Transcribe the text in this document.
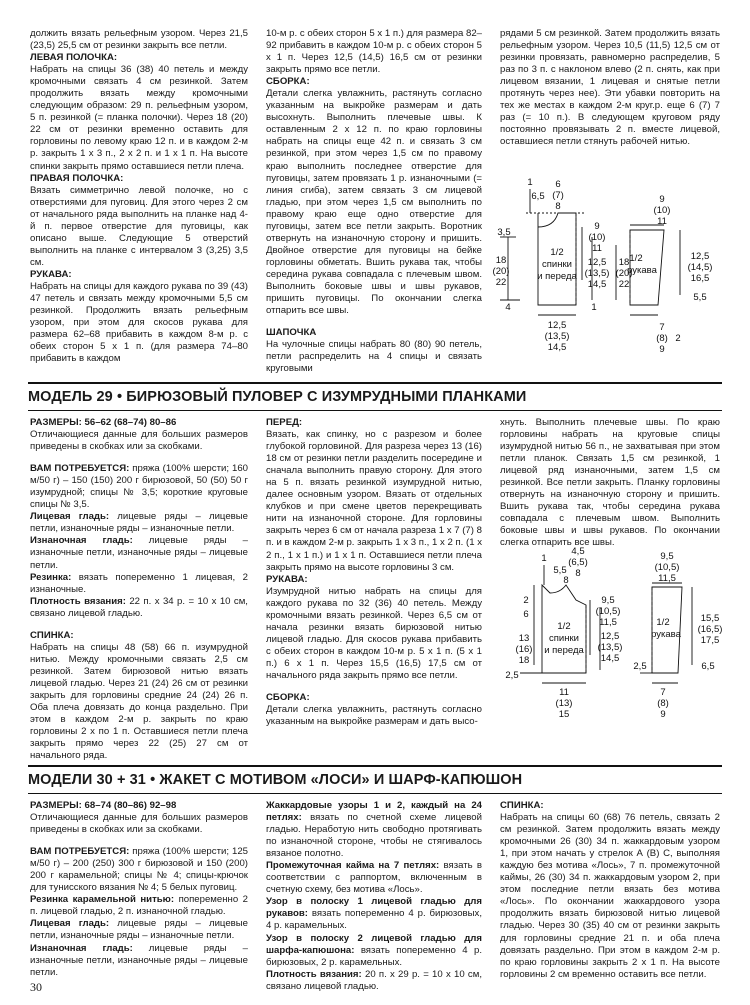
должить вязать рельефным узором. Через 21,5 (23,5) 25,5 см от резинки закрыть все петли.

ЛЕВАЯ ПОЛОЧКА:

Набрать на спицы 36 (38) 40 петель и между кромочными связать 4 см резинкой. Затем продолжить вязать между кромочными следующим образом: 29 п. рельефным узором, 5 п. резинкой (= планка полочки). Через 18 (20) 22 см от резинки временно оставить для горловины по левому краю 12 п. и в каждом 2-м р. закрыть 1 х 3 п., 2 х 2 п. и 1 х 1 п. На высоте спинки закрыть прямо оставшиеся петли плеча.

ПРАВАЯ ПОЛОЧКА:

Вязать симметрично левой полочке, но с отверстиями для пуговиц. Для этого через 2 см от начального ряда выполнить на планке над 4-й п. первое отверстие для пуговицы, как описано выше. Следующие 5 отверстий выполнить на планке с интервалом 3 (3,25) 3,5 см.

РУКАВА:

Набрать на спицы для каждого рукава по 39 (43) 47 петель и связать между кромочными 5,5 см резинкой. Продолжить вязать рельефным узором, при этом для скосов рукава для размера 62–68 прибавить в каждом 8-м р. с обеих сторон 5 х 1 п. (для размера 74–80 прибавить в каждом

10-м р. с обеих сторон 5 х 1 п.) для размера 82–92 прибавить в каждом 10-м р. с обеих сторон 5 х 1 п. Через 12,5 (14,5) 16,5 см от резинки закрыть прямо все петли.

СБОРКА:

Детали слегка увлажнить, растянуть согласно указанным на выкройке размерам и дать высохнуть. Выполнить плечевые швы. К оставленным 2 х 12 п. по краю горловины набрать на спицы еще 42 п. и связать 3 см резинкой, при этом через 1,5 см по правому краю выполнить последнее отверстие для пуговицы, затем провязать 1 р. изнаночными (= линия сгиба), затем связать 3 см лицевой гладью, при этом через 1,5 см выполнить по правому краю еще одно отверстие для пуговицы, затем все петли закрыть. Воротник отвернуть на изнаночную сторону и пришить. Двойное отверстие для пуговицы на бейке горловины обметать. Вшить рукава так, чтобы середина рукава совпадала с плечевым швом. Выполнить боковые швы и швы рукавов, пришить пуговицы. По окончании слегка отпарить все швы.

ШАПОЧКА

На чулочные спицы набрать 80 (80) 90 петель, петли распределить на 4 спицы и связать круговыми

рядами 5 см резинкой. Затем продолжить вязать рельефным узором. Через 10,5 (11,5) 12,5 см от резинки провязать, равномерно распределив, 5 раз по 3 п. с наклоном влево (2 п. снять, как при лицевом вязании, 1 лицевая и снятые петли протянуть через нее). Эти убавки повторить на тех же местах в каждом 2-м круг.р. еще 6 (7) 7 раз (= 10 п.). В следующем круговом ряду постоянно провязывать 2 п. вместе лицевой, оставшиеся петли стянуть рабочей нитью.

1
6,5
6
(7)
8
3,5
18
(20)
22
1/2
спинки
и переда
9
(10)
11
12,5
(13,5)
14,5
4	1
12,5
(13,5)
14,5
9
(10)
11
1/2
рукава
18
(20)
22
12,5
(14,5)
16,5
5,5
7
(8)
9
2
МОДЕЛЬ 29 • БИРЮЗОВЫЙ ПУЛОВЕР С ИЗУМРУДНЫМИ ПЛАНКАМИ

РАЗМЕРЫ: 56–62 (68–74) 80–86

Отличающиеся данные для больших размеров приведены в скобках или за скобками.

ВАМ ПОТРЕБУЕТСЯ: пряжа (100% шерсти; 160 м/50 г) – 150 (150) 200 г бирюзовой, 50 (50) 50 г изумрудной; спицы № 3,5; короткие круговые спицы № 3,5.

Лицевая гладь: лицевые ряды – лицевые петли, изнаночные ряды – изнаночные петли.

Изнаночная гладь: лицевые ряды – изнаночные петли, изнаночные ряды – лицевые петли.

Резинка: вязать попеременно 1 лицевая, 2 изнаночные.

Плотность вязания: 22 п. х 34 р. = 10 х 10 см, связано лицевой гладью.

СПИНКА:

Набрать на спицы 48 (58) 66 п. изумрудной нитью. Между кромочными связать 2,5 см резинкой. Затем бирюзовой нитью вязать лицевой гладью. Через 21 (24) 26 см от резинки закрыть для горловины средние 24 (24) 26 п. Оба плеча довязать до конца раздельно. При этом в каждом 2-м р. закрыть по краю горловины 2 х по 1 п. Оставшиеся петли плеча закрыть прямо через 22 (25) 27 см от начального ряда.

ПЕРЕД:

Вязать, как спинку, но с разрезом и более глубокой горловиной. Для разреза через 13 (16) 18 см от резинки петли разделить посередине и сначала выполнить правую сторону. Для этого на 5 п. вязать резинкой изумрудной нитью, далее основным узором. Вязать от отдельных клубков и при смене цветов перекрещивать нити на изнаночной стороне. Для горловины закрыть через 6 см от начала разреза 1 х 7 (7) 8 п. и в каждом 2-м р. закрыть 1 х 3 п., 1 х 2 п. (1 х 2 п., 1 х 1 п.) и 1 х 1 п. Оставшиеся петли плеча закрыть прямо на высоте горловины 3 см.

РУКАВА:

Изумрудной нитью набрать на спицы для каждого рукава по 32 (36) 40 петель. Между кромочными вязать резинкой. Через 6,5 см от начала резинки вязать бирюзовой нитью лицевой гладью. Для скосов рукава прибавить с обеих сторон в каждом 10-м р. 5 х 1 п. (5 х 1 п.) 6 х 1 п. Через 15,5 (16,5) 17,5 см от начального ряда закрыть прямо все петли.

СБОРКА:

Детали слегка увлажнить, растянуть согласно указанным на выкройке размерам и дать высо-

хнуть. Выполнить плечевые швы. По краю горловины набрать на круговые спицы изумрудной нитью 56 п., не захватывая при этом петли планок. Связать 1,5 см резинкой, 1 лицевой ряд изнаночными, затем 1,5 см резинкой. Все петли закрыть. Планку горловины отвернуть на изнаночную сторону и пришить. Вшить рукава так, чтобы середина рукава совпадала с плечевым швом. Выполнить боковые швы и швы рукавов. По окончании слегка отпарить все швы.

4,5
(6,5)
8
1
5,5
8
2
6
13
(16)
18
1/2
спинки
и переда
9,5
(10,5)
11,5
12,5
(13,5)
14,5
2,5
11
(13)
15
9,5
(10,5)
11,5
1/2
рукава
15,5
(16,5)
17,5
6,5
2,5
7
(8)
9
МОДЕЛИ 30 + 31 • ЖАКЕТ С МОТИВОМ «ЛОСИ» И ШАРФ-КАПЮШОН

РАЗМЕРЫ: 68–74 (80–86) 92–98

Отличающиеся данные для больших размеров приведены в скобках или за скобками.

ВАМ ПОТРЕБУЕТСЯ: пряжа (100% шерсти; 125 м/50 г) – 200 (250) 300 г бирюзовой и 150 (200) 200 г карамельной; спицы № 4; спицы-крючок для тунисского вязания № 4; 5 белых пуговиц.

Резинка карамельной нитью: попеременно 2 п. лицевой гладью, 2 п. изнаночной гладью.

Лицевая гладь: лицевые ряды – лицевые петли, изнаночные ряды – изнаночные петли.

Изнаночная гладь: лицевые ряды – изнаночные петли, изнаночные ряды – лицевые петли.

Жаккардовые узоры 1 и 2, каждый на 24 петлях: вязать по счетной схеме лицевой гладью. Неработую нить свободно протягивать по изнаночной стороне, чтобы не стягивалось вязаное полотно.

Промежуточная кайма на 7 петлях: вязать в соответствии с раппортом, включенным в счетную схему, без мотива «Лось».

Узор в полоску 1 лицевой гладью для рукавов: вязать попеременно 4 р. бирюзовых, 4 р. карамельных.

Узор в полоску 2 лицевой гладью для шарфа-капюшона: вязать попеременно 4 р. бирюзовых, 2 р. карамельных.

Плотность вязания: 20 п. х 29 р. = 10 х 10 см, связано лицевой гладью.

СПИНКА:

Набрать на спицы 60 (68) 76 петель, связать 2 см резинкой. Затем продолжить вязать между кромочными 26 (30) 34 п. жаккардовым узором 1, при этом начать у стрелок А (В) С, выполняя каждую без мотива «Лось», 7 п. промежуточной каймы, 26 (30) 34 п. жаккардовым узором 2, при этом последние петли вязать без мотива «Лось». По окончании жаккардового узора продолжить вязать бирюзовой нитью лицевой гладью. Через 30 (35) 40 см от резинки закрыть для горловины средние 21 п. и оба плеча довязать раздельно. При этом в каждом 2-м р. по краю горловины закрыть 2 х 1 п. На высоте горловины 2 см временно оставить все петли.

30
